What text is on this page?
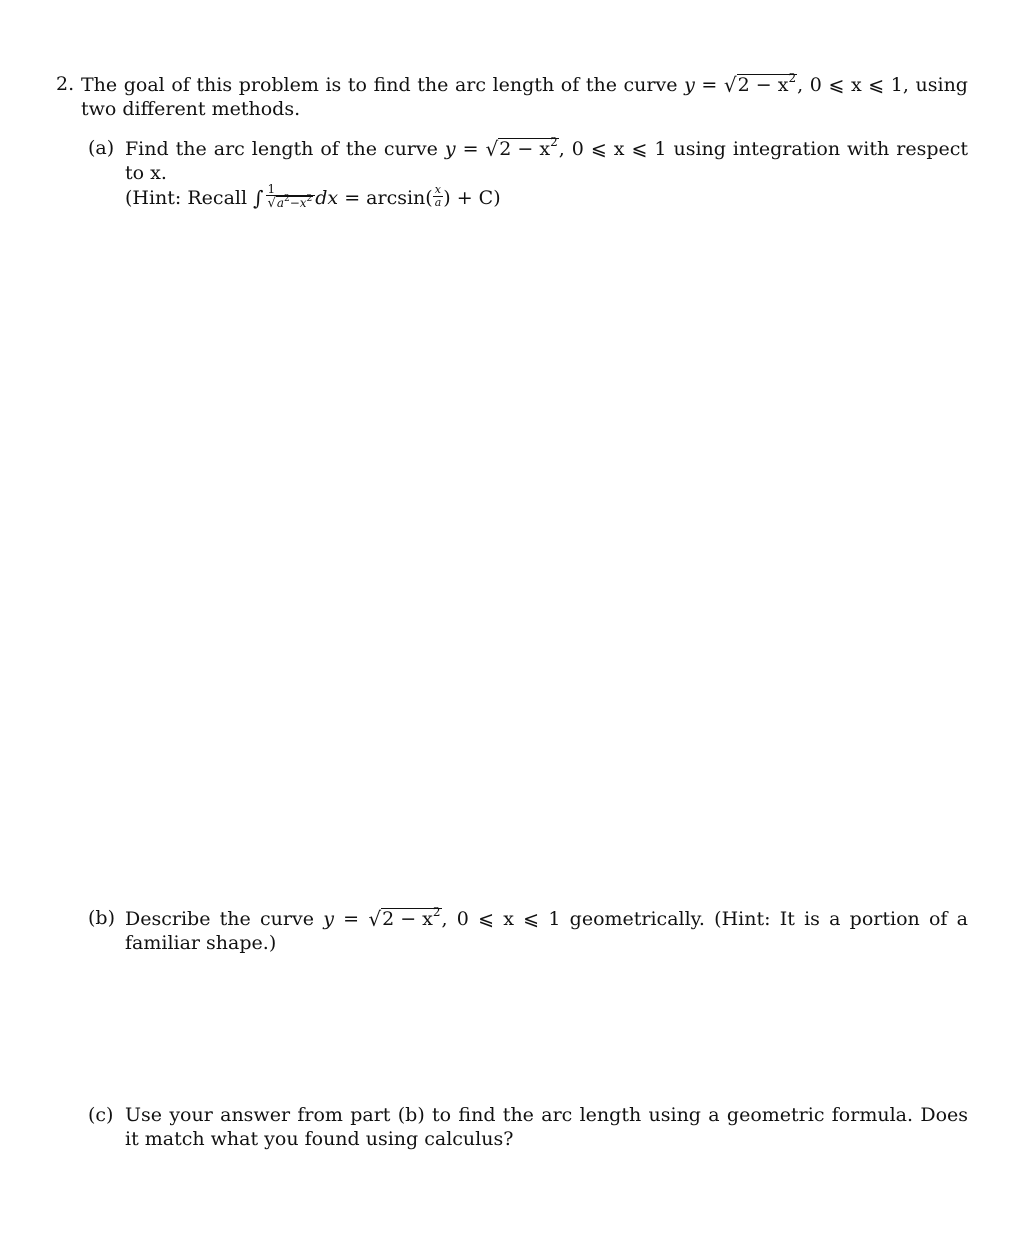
2. The goal of this problem is to find the arc length of the curve $y = √2 - x^2$, 0 ⩽ x ⩽ 1, using two different methods.
(a) Find the arc length of the curve $y = √2 - x^2$, 0 ⩽ x ⩽ 1 using integration with respect to x.
(Hint: Recall ∫ $\frac{1}{√a^2-x^2}$ dx = $\arcsin( \frac{x}{a}$ ) + C)
(b) Describe the curve $y = √2 - x^2$, 0 ⩽ x ⩽ 1 geometrically. (Hint: It is a portion of a familiar shape.)
(c) Use your answer from part (b) to find the arc length using a geometric formula. Does it match what you found using calculus?
